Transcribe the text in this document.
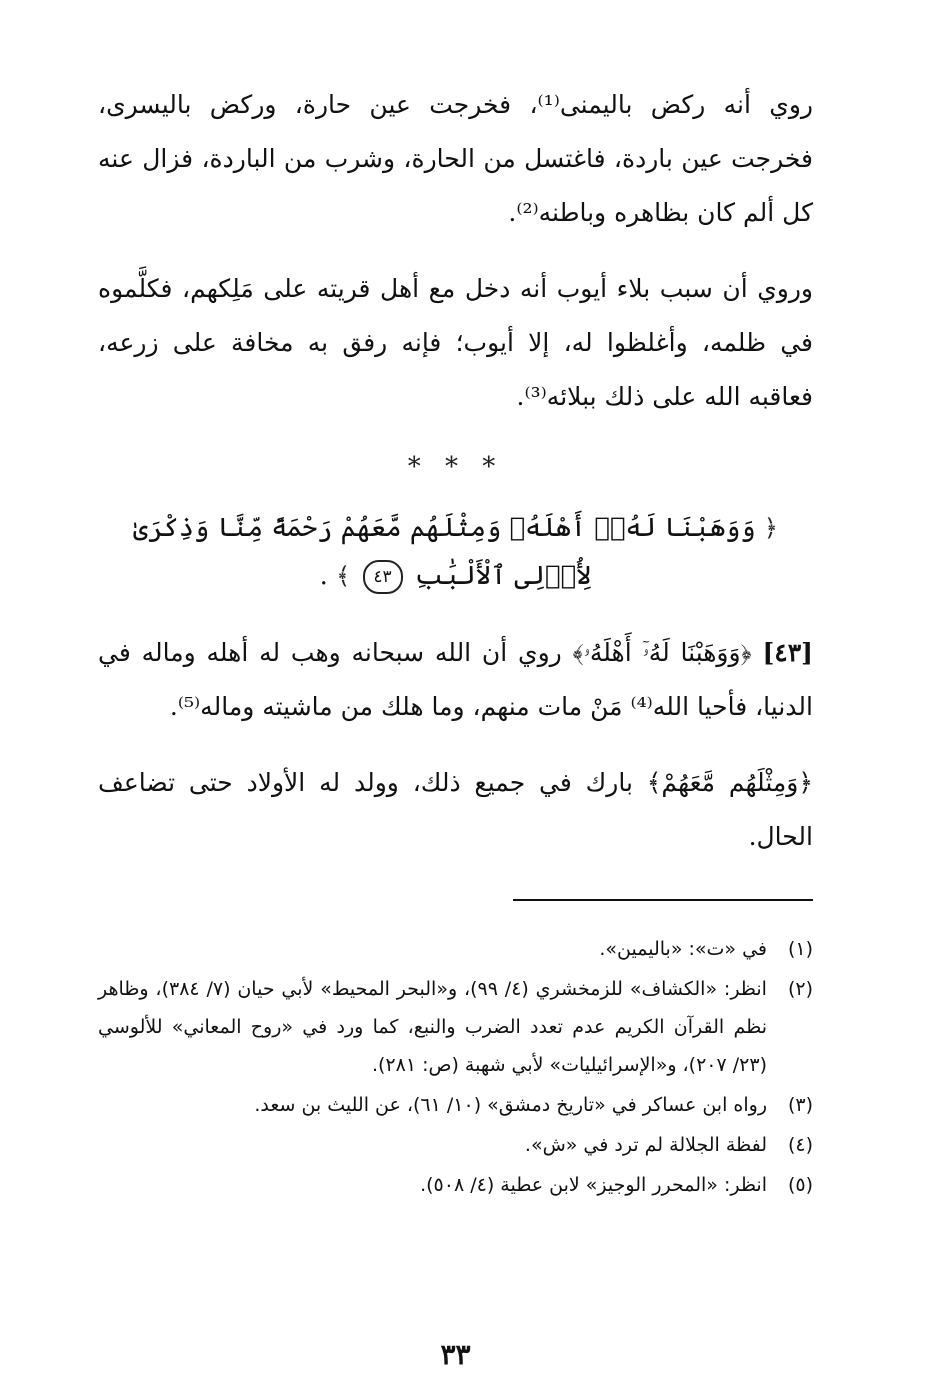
روي أنه ركض باليمنى⁽¹⁾، فخرجت عين حارة، وركض باليسرى، فخرجت عين باردة، فاغتسل من الحارة، وشرب من الباردة، فزال عنه كل ألم كان بظاهره وباطنه⁽²⁾.

وروي أن سبب بلاء أيوب أنه دخل مع أهل قريته على مَلِكهم، فكلَّموه في ظلمه، وأغلظوا له، إلا أيوب؛ فإنه رفق به مخافة على زرعه، فعاقبه الله على ذلك ببلائه⁽³⁾.

* * *
﴿ وَوَهَبْنَا لَهُۥٓ أَهْلَهُۥ وَمِثْلَهُم مَّعَهُمْ رَحْمَةً مِّنَّا وَذِكْرَىٰ لِأُو۟لِى ٱلْأَلْبَٰبِ ٤٣ ﴾ .

[٤٣] ﴿وَوَهَبْنَا لَهُۥٓ أَهْلَهُۥ﴾ روي أن الله سبحانه وهب له أهله وماله في الدنيا، فأحيا الله⁽⁴⁾ مَنْ مات منهم، وما هلك من ماشيته وماله⁽⁵⁾.

﴿وَمِثْلَهُم مَّعَهُمْ﴾ بارك في جميع ذلك، وولد له الأولاد حتى تضاعف الحال.

(١)
في «ت»: «باليمين».
(٢)
انظر: «الكشاف» للزمخشري (٤/ ٩٩)، و«البحر المحيط» لأبي حيان (٧/ ٣٨٤)، وظاهر نظم القرآن الكريم عدم تعدد الضرب والنبع، كما ورد في «روح المعاني» للألوسي (٢٣/ ٢٠٧)، و«الإسرائيليات» لأبي شهبة (ص: ٢٨١).
(٣)
رواه ابن عساكر في «تاريخ دمشق» (١٠/ ٦١)، عن الليث بن سعد.
(٤)
لفظة الجلالة لم ترد في «ش».
(٥)
انظر: «المحرر الوجيز» لابن عطية (٤/ ٥٠٨).
٣٣
